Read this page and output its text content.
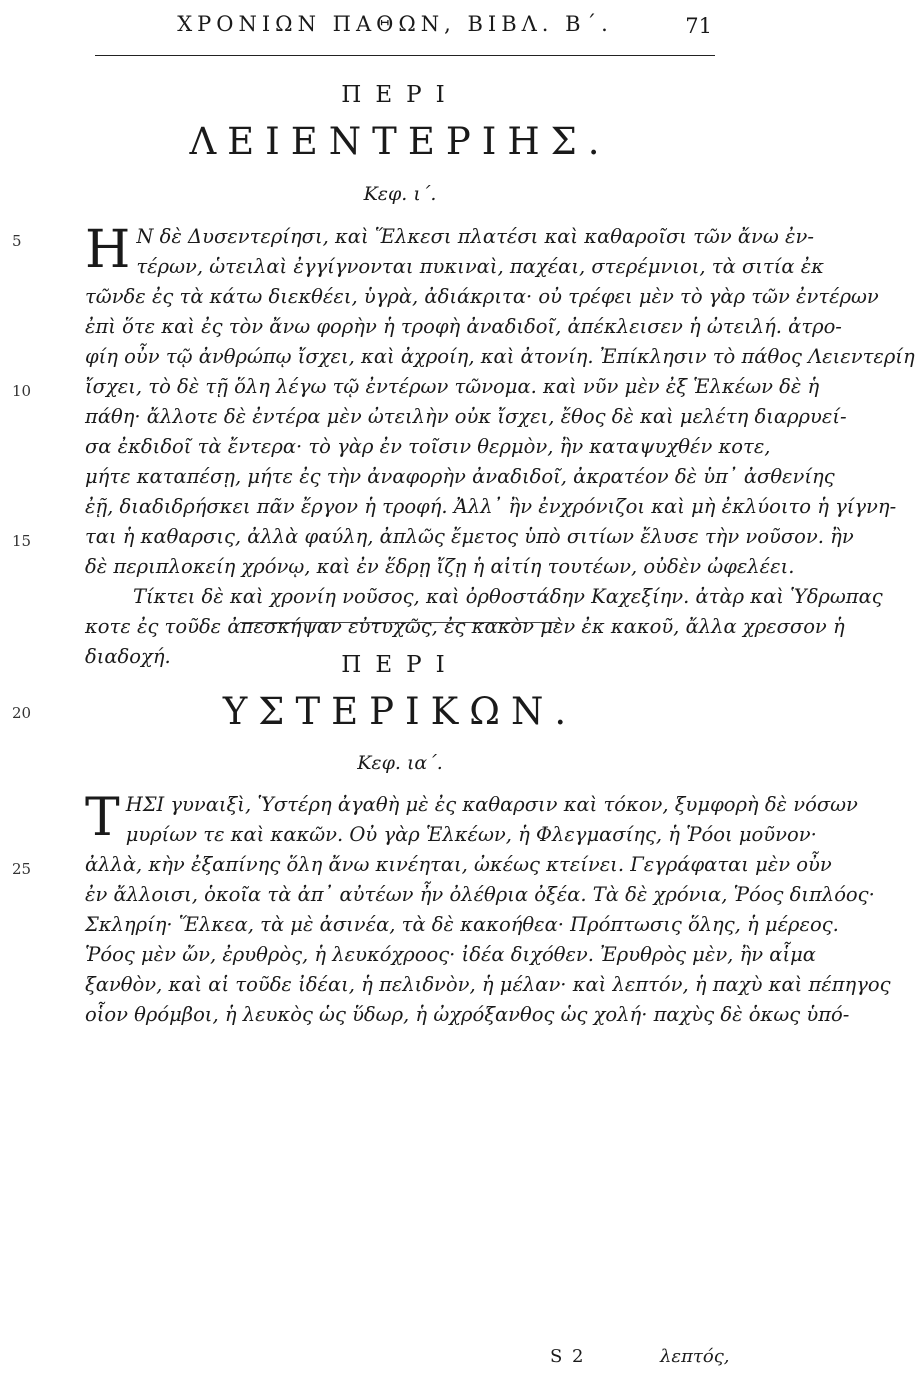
ΧΡΟΝΙΩΝ ΠΑΘΩΝ, ΒΙΒΛ. Β΄.	71
ΠΕΡΙ
ΛΕΙΕΝΤΕΡΙΗΣ.
Κεφ. ι΄.
Η Ν δὲ Δυσεντερίησι, καὶ Ἕλκεσι πλατέσι καὶ καθαροῖσι τῶν ἄνω ἐν-
τέρων, ὡτειλαὶ ἐγγίγνονται πυκιναὶ, παχέαι, στερέμνιοι, τὰ σιτία ἐκ
τῶνδε ἐς τὰ κάτω διεκθέει, ὑγρὰ, ἀδιάκριτα· οὐ τρέφει μὲν τὸ γὰρ τῶν ἐντέρων
ἐπὶ ὅτε καὶ ἐς τὸν ἄνω φορὴν ἡ τροφὴ ἀναδιδοῖ, ἀπέκλεισεν ἡ ὠτειλή. ἀτρο-
φίη οὖν τῷ ἀνθρώπῳ ἴσχει, καὶ ἀχροίη, καὶ ἀτονίη. Ἐπίκλησιν τὸ πάθος Λειεντερίη
ἴσχει, τὸ δὲ τῇ ὅλη λέγω τῷ ἐντέρων τῶνομα. καὶ νῦν μὲν ἐξ Ἑλκέων δὲ ἡ
πάθη· ἄλλοτε δὲ ἐντέρα μὲν ὠτειλὴν οὐκ ἴσχει, ἔθος δὲ καὶ μελέτη διαρρυεί-
σα ἐκδιδοῖ τὰ ἔντερα· τὸ γὰρ ἐν τοῖσιν θερμὸν, ἢν καταψυχθέν κοτε,
μήτε καταπέσῃ, μήτε ἐς τὴν ἀναφορὴν ἀναδιδοῖ, ἀκρατέον δὲ ὑπ᾽ ἀσθενίης
ἐῇ, διαδιδρήσκει πᾶν ἔργον ἡ τροφή. Ἀλλ᾽ ἢν ἐνχρόνιζοι καὶ μὴ ἐκλύοιτο ἡ γίγνη-
ται ἡ καθαρσις, ἀλλὰ φαύλη, ἀπλῶς ἔμετος ὑπὸ σιτίων ἔλυσε τὴν νοῦσον. ἢν
δὲ περιπλοκείη χρόνῳ, καὶ ἐν ἕδρῃ ἴζῃ ἡ αἰτίη τουτέων, οὐδὲν ὠφελέει.
Τίκτει δὲ καὶ χρονίη νοῦσος, καὶ ὀρθοστάδην Καχεξίην. ἀτὰρ καὶ Ὑδρωπας
κοτε ἐς τοῦδε ἀπεσκήψαν εὐτυχῶς, ἐς κακὸν μὲν ἐκ κακοῦ, ἄλλα χρεσσον ἡ
διαδοχή.	ΠΕΡΙ
ΥΣΤΕΡΙΚΩΝ.
Κεφ. ια΄.
Τ ΗΣΙ γυναιξὶ, Ὑστέρη ἀγαθὴ μὲ ἐς καθαρσιν καὶ τόκον, ξυμφορὴ δὲ νόσων
μυρίων τε καὶ κακῶν. Οὐ γὰρ Ἑλκέων, ἡ Φλεγμασίης, ἡ Ῥόοι μοῦνον·
ἀλλὰ, κὴν ἐξαπίνης ὅλη ἄνω κινέηται, ὠκέως κτείνει. Γεγράφαται μὲν οὖν
ἐν ἄλλοισι, ὁκοῖα τὰ ἀπ᾽ αὐτέων ἦν ὀλέθρια ὀξέα. Τὰ δὲ χρόνια, Ῥόος διπλόος·
Σκληρίη· Ἕλκεα, τὰ μὲ ἀσινέα, τὰ δὲ κακοήθεα· Πρόπτωσις ὅλης, ἡ μέρεος.
Ῥόος μὲν ὤν, ἐρυθρὸς, ἡ λευκόχροος· ἰδέα διχόθεν. Ἐρυθρὸς μὲν, ἢν αἷμα
ξανθὸν, καὶ αἱ τοῦδε ἰδέαι, ἡ πελιδνὸν, ἡ μέλαν· καὶ λεπτόν, ἡ παχὺ καὶ πέπηγος
οἷον θρόμβοι, ἡ λευκὸς ὡς ὕδωρ, ἡ ὠχρόξανθος ὡς χολή· παχὺς δὲ ὁκως ὑπό-
5
10
15
20
25
S 2	λεπτός,
